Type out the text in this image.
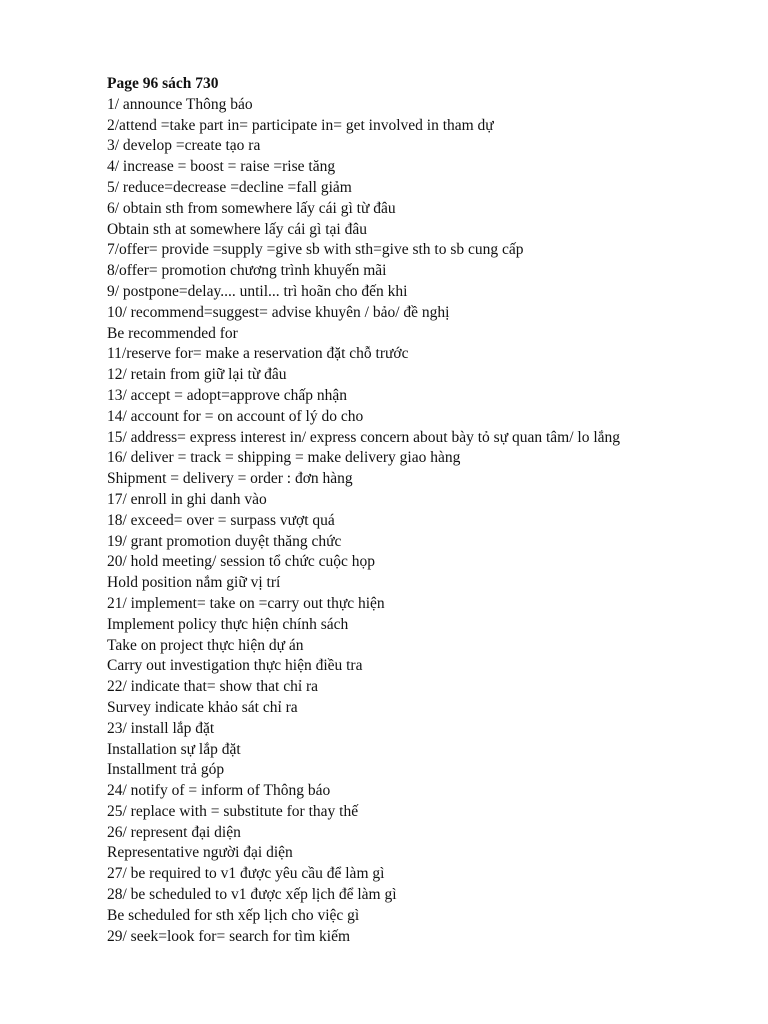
Page 96 sách 730
1/ announce Thông báo
2/attend =take part in= participate in= get involved in tham dự
3/ develop =create tạo ra
4/ increase = boost = raise =rise tăng
5/ reduce=decrease =decline =fall giảm
6/ obtain sth from somewhere lấy cái gì từ đâu
Obtain sth at somewhere lấy cái gì tại đâu
7/offer= provide =supply =give sb with sth=give sth to sb cung cấp
8/offer= promotion chương trình khuyến mãi
9/ postpone=delay.... until... trì hoãn cho đến khi
10/ recommend=suggest= advise khuyên / bảo/ đề nghị
Be recommended for
11/reserve for= make a reservation đặt chỗ trước
12/ retain from giữ lại từ đâu
13/ accept = adopt=approve chấp nhận
14/ account for = on account of lý do cho
15/ address= express interest in/ express concern about bày tỏ sự quan tâm/ lo lắng
16/ deliver = track = shipping = make delivery giao hàng
Shipment = delivery = order : đơn hàng
17/ enroll in ghi danh vào
18/ exceed= over = surpass vượt quá
19/ grant promotion duyệt thăng chức
20/ hold meeting/ session tổ chức cuộc họp
Hold position nắm giữ vị trí
21/ implement= take on =carry out thực hiện
Implement policy thực hiện chính sách
Take on project thực hiện dự án
Carry out investigation thực hiện điều tra
22/ indicate that= show that chỉ ra
Survey indicate khảo sát chỉ ra
23/ install lắp đặt
Installation sự lắp đặt
Installment trả góp
24/ notify of = inform of Thông báo
25/ replace with = substitute for thay thế
26/ represent đại diện
Representative người đại diện
27/ be required to v1 được yêu cầu để làm gì
28/ be scheduled to v1 được xếp lịch để làm gì
Be scheduled for sth xếp lịch cho việc gì
29/ seek=look for= search for tìm kiếm
